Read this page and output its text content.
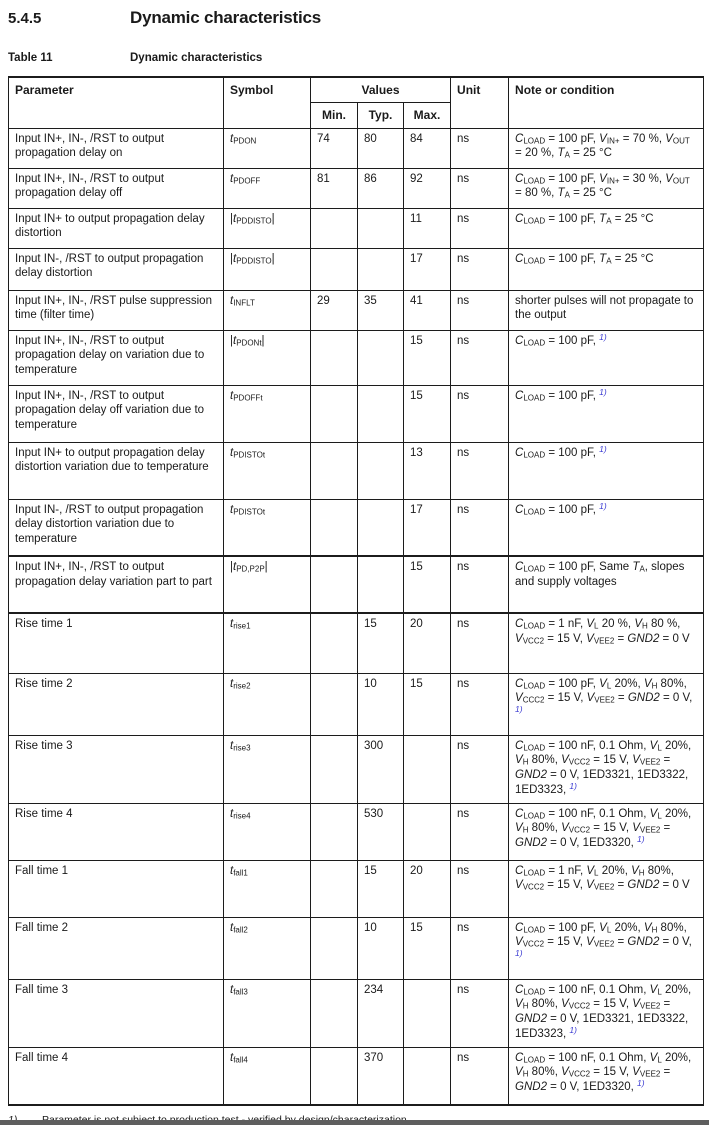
5.4.5	Dynamic characteristics
Table 11	Dynamic characteristics
Parameter	Symbol	Values			Unit	Note or condition
		Min.	Typ.	Max.		
Input IN+, IN-, /RST to output propagation delay on	$t_{PDON}$	74	80	84	ns	$C_{LOAD} = 100$ pF, $V_{IN+} = 70$ %, $V_{OUT} = 20$ %, $T_A = 25$ °C
Input IN+, IN-, /RST to output propagation delay off	$t_{PDOFF}$	81	86	92	ns	$C_{LOAD} = 100$ pF, $V_{IN+} = 30$ %, $V_{OUT} = 80$ %, $T_A = 25$ °C
Input IN+ to output propagation delay distortion	$|t_{PDDISTO}|$			11	ns	$C_{LOAD} = 100$ pF, $T_A = 25$ °C
Input IN-, /RST to output propagation delay distortion	$|t_{PDDISTO}|$			17	ns	$C_{LOAD} = 100$ pF, $T_A = 25$ °C
Input IN+, IN-, /RST pulse suppression time (filter time)	$t_{INFLT}$	29	35	41	ns	shorter pulses will not propagate to the output
Input IN+, IN-, /RST to output propagation delay on variation due to temperature	$|t_{PDONt}|$			15	ns	$C_{LOAD} = 100$ pF, $^{1)}$
Input IN+, IN-, /RST to output propagation delay off variation due to temperature	$t_{PDOFFt}$			15	ns	$C_{LOAD} = 100$ pF, $^{1)}$
Input IN+ to output propagation delay distortion variation due to temperature	$t_{PDISTOt}$			13	ns	$C_{LOAD} = 100$ pF, $^{1)}$
Input IN-, /RST to output propagation delay distortion variation due to temperature	$t_{PDISTOt}$			17	ns	$C_{LOAD} = 100$ pF, $^{1)}$
Input IN+, IN-, /RST to output propagation delay variation part to part	$|t_{PD,P2P}|$			15	ns	$C_{LOAD} = 100$ pF, Same $T_A$, slopes and supply voltages
Rise time 1	$t_{rise1}$		15	20	ns	$C_{LOAD} = 1$ nF, $V_L$ 20 %, $V_H$ 80 %, $V_{VCC2} = 15$ V, $V_{VEE2} = GND2 = 0$ V
Rise time 2	$t_{rise2}$		10	15	ns	$C_{LOAD} = 100$ pF, $V_L$ 20%, $V_H$ 80%, $V_{CCC2} = 15$ V, $V_{VEE2} = GND2 = 0$ V, $^{1)}$
Rise time 3	$t_{rise3}$		300		ns	$C_{LOAD} = 100$ nF, 0.1 Ohm, $V_L$ 20%, $V_H$ 80%, $V_{VCC2} = 15$ V, $V_{VEE2} = GND2 = 0$ V, 1ED3321, 1ED3322, 1ED3323, $^{1)}$
Rise time 4	$t_{rise4}$		530		ns	$C_{LOAD} = 100$ nF, 0.1 Ohm, $V_L$ 20%, $V_H$ 80%, $V_{VCC2} = 15$ V, $V_{VEE2} = GND2 = 0$ V, 1ED3320, $^{1)}$
Fall time 1	$t_{fall1}$		15	20	ns	$C_{LOAD} = 1$ nF, $V_L$ 20%, $V_H$ 80%, $V_{VCC2} = 15$ V, $V_{VEE2} = GND2 = 0$ V
Fall time 2	$t_{fall2}$		10	15	ns	$C_{LOAD} = 100$ pF, $V_L$ 20%, $V_H$ 80%, $V_{VCC2} = 15$ V, $V_{VEE2} = GND2 = 0$ V, $^{1)}$
Fall time 3	$t_{fall3}$		234		ns	$C_{LOAD} = 100$ nF, 0.1 Ohm, $V_L$ 20%, $V_H$ 80%, $V_{VCC2} = 15$ V, $V_{VEE2} = GND2 = 0$ V, 1ED3321, 1ED3322, 1ED3323, $^{1)}$
Fall time 4	$t_{fall4}$		370		ns	$C_{LOAD} = 100$ nF, 0.1 Ohm, $V_L$ 20%, $V_H$ 80%, $V_{VCC2} = 15$ V, $V_{VEE2} = GND2 = 0$ V, 1ED3320, $^{1)}$
